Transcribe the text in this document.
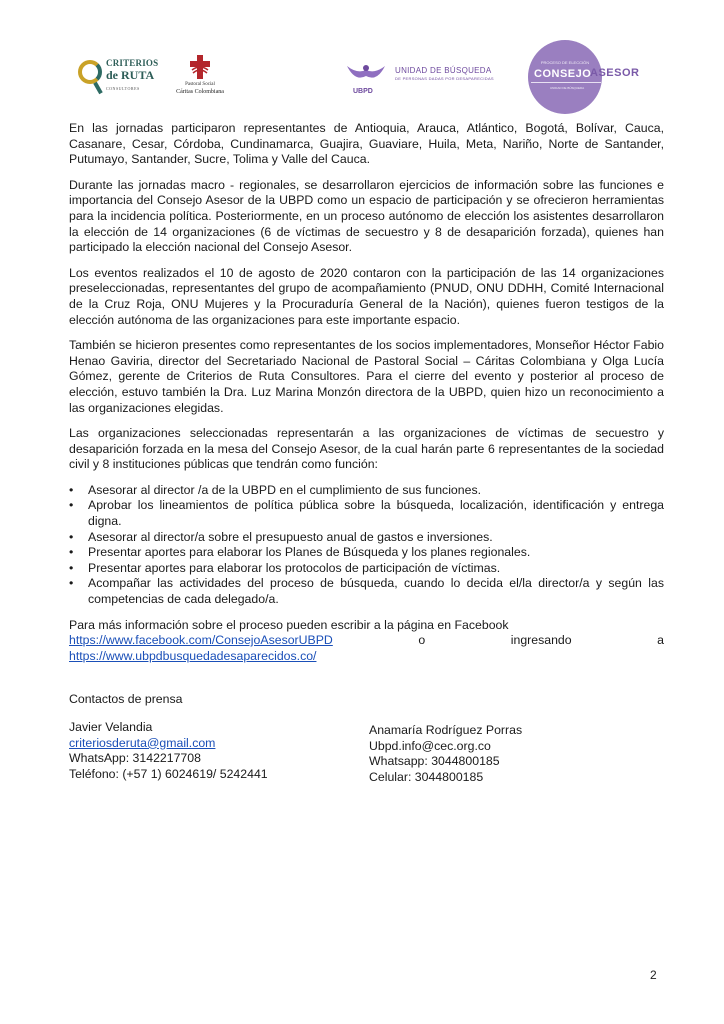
CRITERIOS
de RUTA
CONSULTORES
Pastoral Social
Cáritas Colombiana
UNIDAD DE BÚSQUEDA
DE PERSONAS DADAS POR DESAPARECIDAS
UBPD
PROCESO DE ELECCIÓN
CONSEJO
UNIDAD DE BÚSQUEDA
ASESOR

En las jornadas participaron representantes de Antioquia, Arauca, Atlántico, Bogotá, Bolívar, Cauca, Casanare, Cesar, Córdoba, Cundinamarca, Guajira, Guaviare, Huila, Meta, Nariño, Norte de Santander, Putumayo, Santander, Sucre, Tolima y Valle del Cauca.

Durante las jornadas macro - regionales, se desarrollaron ejercicios de información sobre las funciones e importancia del Consejo Asesor de la UBPD como un espacio de participación y se ofrecieron herramientas para la incidencia política. Posteriormente, en un proceso autónomo de elección los asistentes desarrollaron la elección de 14 organizaciones (6 de víctimas de secuestro y 8 de desaparición forzada), quienes han participado la elección nacional del Consejo Asesor.

Los eventos realizados el 10 de agosto de 2020 contaron con la participación de las 14 organizaciones preseleccionadas, representantes del grupo de acompañamiento (PNUD, ONU DDHH, Comité Internacional de la Cruz Roja, ONU Mujeres y la Procuraduría General de la Nación), quienes fueron testigos de la elección autónoma de las organizaciones para este importante espacio.

También se hicieron presentes como representantes de los socios implementadores, Monseñor Héctor Fabio Henao Gaviria, director del Secretariado Nacional de Pastoral Social – Cáritas Colombiana y Olga Lucía Gómez, gerente de Criterios de Ruta Consultores. Para el cierre del evento y posterior al proceso de elección, estuvo también la Dra. Luz Marina Monzón directora de la UBPD, quien hizo un reconocimiento a las organizaciones elegidas.

Las organizaciones seleccionadas representarán a las organizaciones de víctimas de secuestro y desaparición forzada en la mesa del Consejo Asesor, de la cual harán parte 6 representantes de la sociedad civil y 8 instituciones públicas que tendrán como función:

•	Asesorar al director /a de la UBPD en el cumplimiento de sus funciones.
•	Aprobar los lineamientos de política pública sobre la búsqueda, localización, identificación y entrega digna.
•	Asesorar al director/a sobre el presupuesto anual de gastos e inversiones.
•	Presentar aportes para elaborar los Planes de Búsqueda y los planes regionales.
•	Presentar aportes para elaborar los protocolos de participación de víctimas.
•	Acompañar las actividades del proceso de búsqueda, cuando lo decida el/la director/a y según las competencias de cada delegado/a.

Para más información sobre el proceso pueden escribir a la página en Facebook

https://www.facebook.com/ConsejoAsesorUBPD	o	ingresando	a
https://www.ubpdbusquedadesaparecidos.co/

Contactos de prensa

Javier Velandia
criteriosderuta@gmail.com
WhatsApp: 3142217708
Teléfono: (+57 1) 6024619/ 5242441
Anamaría Rodríguez Porras
Ubpd.info@cec.org.co
Whatsapp: 3044800185
Celular: 3044800185
2
